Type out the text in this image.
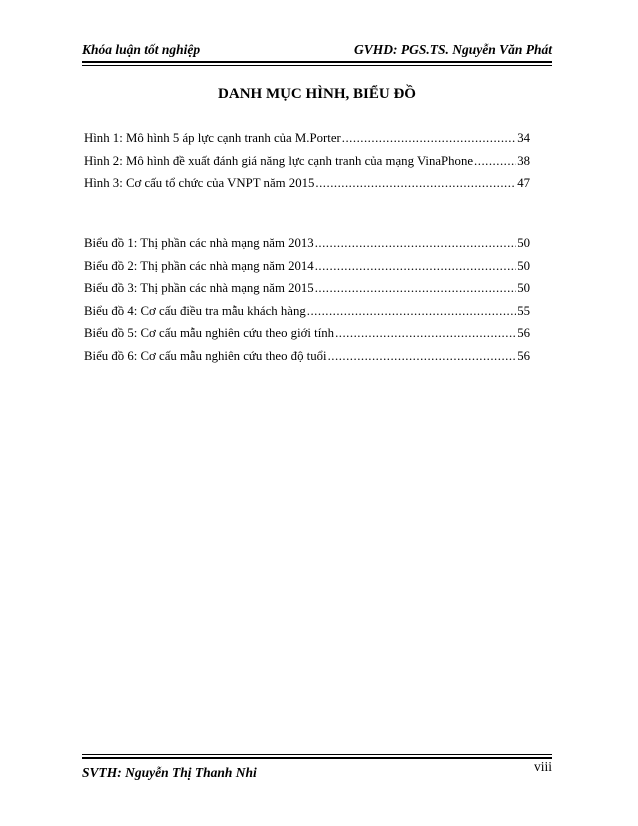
Khóa luận tốt nghiệp	GVHD: PGS.TS. Nguyễn Văn Phát
DANH MỤC HÌNH, BIỂU ĐỒ
Hình 1: Mô hình 5 áp lực cạnh tranh của M.Porter .....	34
Hình 2: Mô hình đề xuất đánh giá năng lực cạnh tranh của mạng VinaPhone .....	38
Hình 3: Cơ cấu tổ chức của VNPT năm 2015 .....	47
Biểu đồ 1: Thị phần các nhà mạng năm 2013 .....	50
Biểu đồ 2: Thị phần các nhà mạng năm 2014 .....	50
Biểu đồ 3: Thị phần các nhà mạng năm 2015 .....	50
Biểu đồ 4: Cơ cấu điều tra mẫu khách hàng .....	55
Biểu đồ 5: Cơ cấu mẫu nghiên cứu theo giới tính .....	56
Biểu đồ 6: Cơ cấu mẫu nghiên cứu theo độ tuổi .....	56
SVTH: Nguyễn Thị Thanh Nhi	viii
